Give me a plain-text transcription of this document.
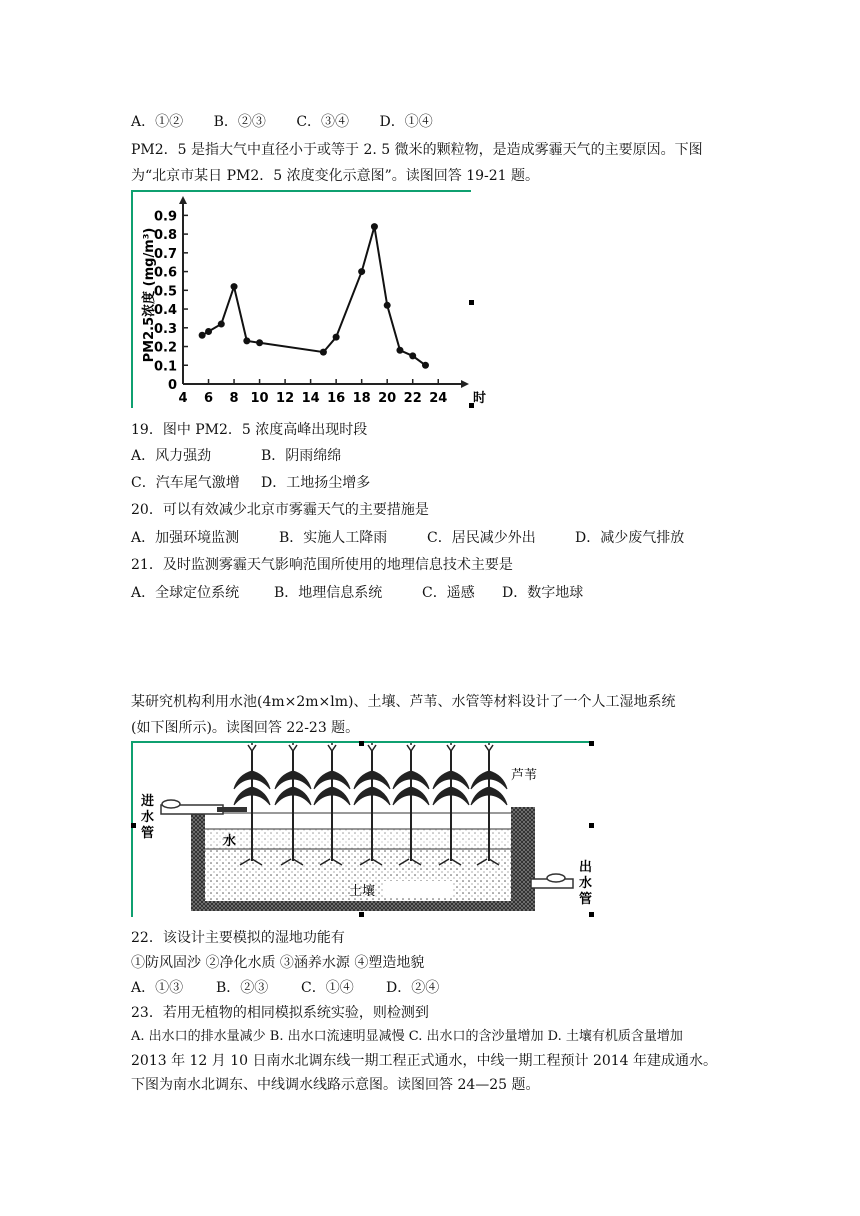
A．①② B．②③ C．③④ D．①④
PM2．5 是指大气中直径小于或等于 2. 5 微米的颗粒物，是造成雾霾天气的主要原因。下图
为“北京市某日 PM2．5 浓度变化示意图”。读图回答 19-21 题。
0
0.1
0.2
0.3
0.4
0.5
0.6
0.7
0.8
0.9
4 6 8 10 12 14 16 18 20 22 24 时
PM2.5浓度 (mg/m³)
19．图中 PM2．5 浓度高峰出现时段
A．风力强劲	B．阴雨绵绵
C．汽车尾气激增 D．工地扬尘增多
20．可以有效减少北京市雾霾天气的主要措施是
A．加强环境监测	B．实施人工降雨	C．居民减少外出	D．减少废气排放
21．及时监测雾霾天气影响范围所使用的地理信息技术主要是
A．全球定位系统 B．地理信息系统	C．遥感 D．数字地球
某研究机构利用水池(4m×2m×lm)、土壤、芦苇、水管等材料设计了一个人工湿地系统
(如下图所示)。读图回答 22-23 题。
芦苇
进
水
管
水
土壤
出
水
管
22．该设计主要模拟的湿地功能有
①防风固沙 ②净化水质 ③涵养水源 ④塑造地貌
A．①③ B．②③ C．①④ D．②④
23．若用无植物的相同模拟系统实验，则检测到
A. 出水口的排水量减少 B. 出水口流速明显减慢 C. 出水口的含沙量增加 D. 土壤有机质含量增加
2013 年 12 月 10 日南水北调东线一期工程正式通水，中线一期工程预计 2014 年建成通水。
下图为南水北调东、中线调水线路示意图。读图回答 24—25 题。
